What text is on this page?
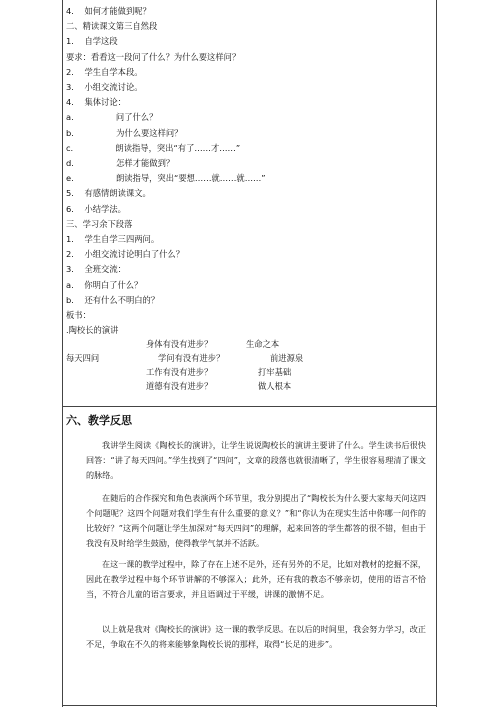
4.    如何才能做到呢？
二、精读课文第三自然段
1.    自学这段
要求：看看这一段问了什么？为什么要这样问？
2.    学生自学本段。
3.    小组交流讨论。
4.    集体讨论：
a.                问了什么？
b.                为什么要这样问？
c.                朗读指导，突出“有了……才……”
d.                怎样才能做到？
e.                朗读指导，突出“要想……就……就……”
5.    有感情朗读课文。
6.    小结学法。
三、学习余下段落
1.    学生自学三四两问。
2.    小组交流讨论明白了什么？
3.    全班交流：
a.    你明白了什么？
b.    还有什么不明白的？
板书：
.陶校长的演讲
身体有没有进步？	生命之本
学问有没有进步？	前进源泉
每天四问
工作有没有进步？	打牢基础
道德有没有进步？	做人根本
六、教学反思
我讲学生阅读《陶校长的演讲》，让学生说说陶校长的演讲主要讲了什么。学生读书后很快回答：“讲了每天四问。”学生找到了“四问”，文章的段落也就很清晰了，学生很容易理清了课文的脉络。
在随后的合作探究和角色表演两个环节里，我分别提出了“陶校长为什么要大家每天问这四个问题呢？这四个问题对我们学生有什么重要的意义？”和“你认为在现实生活中你哪一问作的比较好？”这两个问题让学生加深对“每天四问”的理解，起来回答的学生都答的很不错，但由于我没有及时给学生鼓励，使得教学气氛并不活跃。
在这一课的教学过程中，除了存在上述不足外，还有另外的不足，比如对教材的挖掘不深，因此在教学过程中每个环节讲解的不够深入；此外，还有我的教态不够亲切，使用的语言不恰当，不符合儿童的语言要求，并且语调过于平缓，讲课的激情不足。
以上就是我对《陶校长的演讲》这一课的教学反思。在以后的时间里，我会努力学习，改正不足，争取在不久的将来能够象陶校长说的那样，取得“长足的进步”。
